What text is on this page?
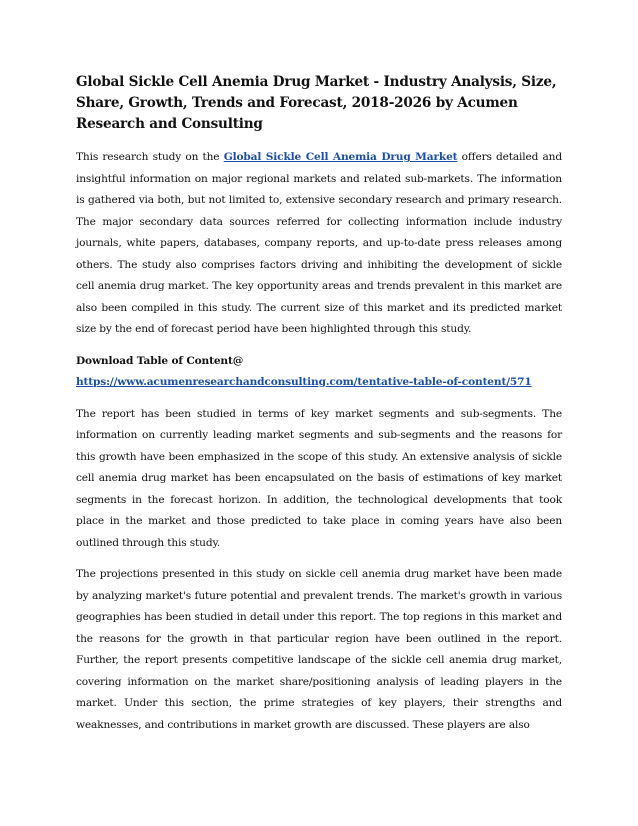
Global Sickle Cell Anemia Drug Market - Industry Analysis, Size, Share, Growth, Trends and Forecast, 2018-2026 by Acumen Research and Consulting

This research study on the Global Sickle Cell Anemia Drug Market offers detailed and insightful information on major regional markets and related sub-markets. The information is gathered via both, but not limited to, extensive secondary research and primary research. The major secondary data sources referred for collecting information include industry journals, white papers, databases, company reports, and up-to-date press releases among others. The study also comprises factors driving and inhibiting the development of sickle cell anemia drug market. The key opportunity areas and trends prevalent in this market are also been compiled in this study. The current size of this market and its predicted market size by the end of forecast period have been highlighted through this study.

Download Table of Content@

https://www.acumenresearchandconsulting.com/tentative-table-of-content/571

The report has been studied in terms of key market segments and sub-segments. The information on currently leading market segments and sub-segments and the reasons for this growth have been emphasized in the scope of this study. An extensive analysis of sickle cell anemia drug market has been encapsulated on the basis of estimations of key market segments in the forecast horizon. In addition, the technological developments that took place in the market and those predicted to take place in coming years have also been outlined through this study.

The projections presented in this study on sickle cell anemia drug market have been made by analyzing market's future potential and prevalent trends. The market's growth in various geographies has been studied in detail under this report. The top regions in this market and the reasons for the growth in that particular region have been outlined in the report. Further, the report presents competitive landscape of the sickle cell anemia drug market, covering information on the market share/positioning analysis of leading players in the market. Under this section, the prime strategies of key players, their strengths and weaknesses, and contributions in market growth are discussed. These players are also
